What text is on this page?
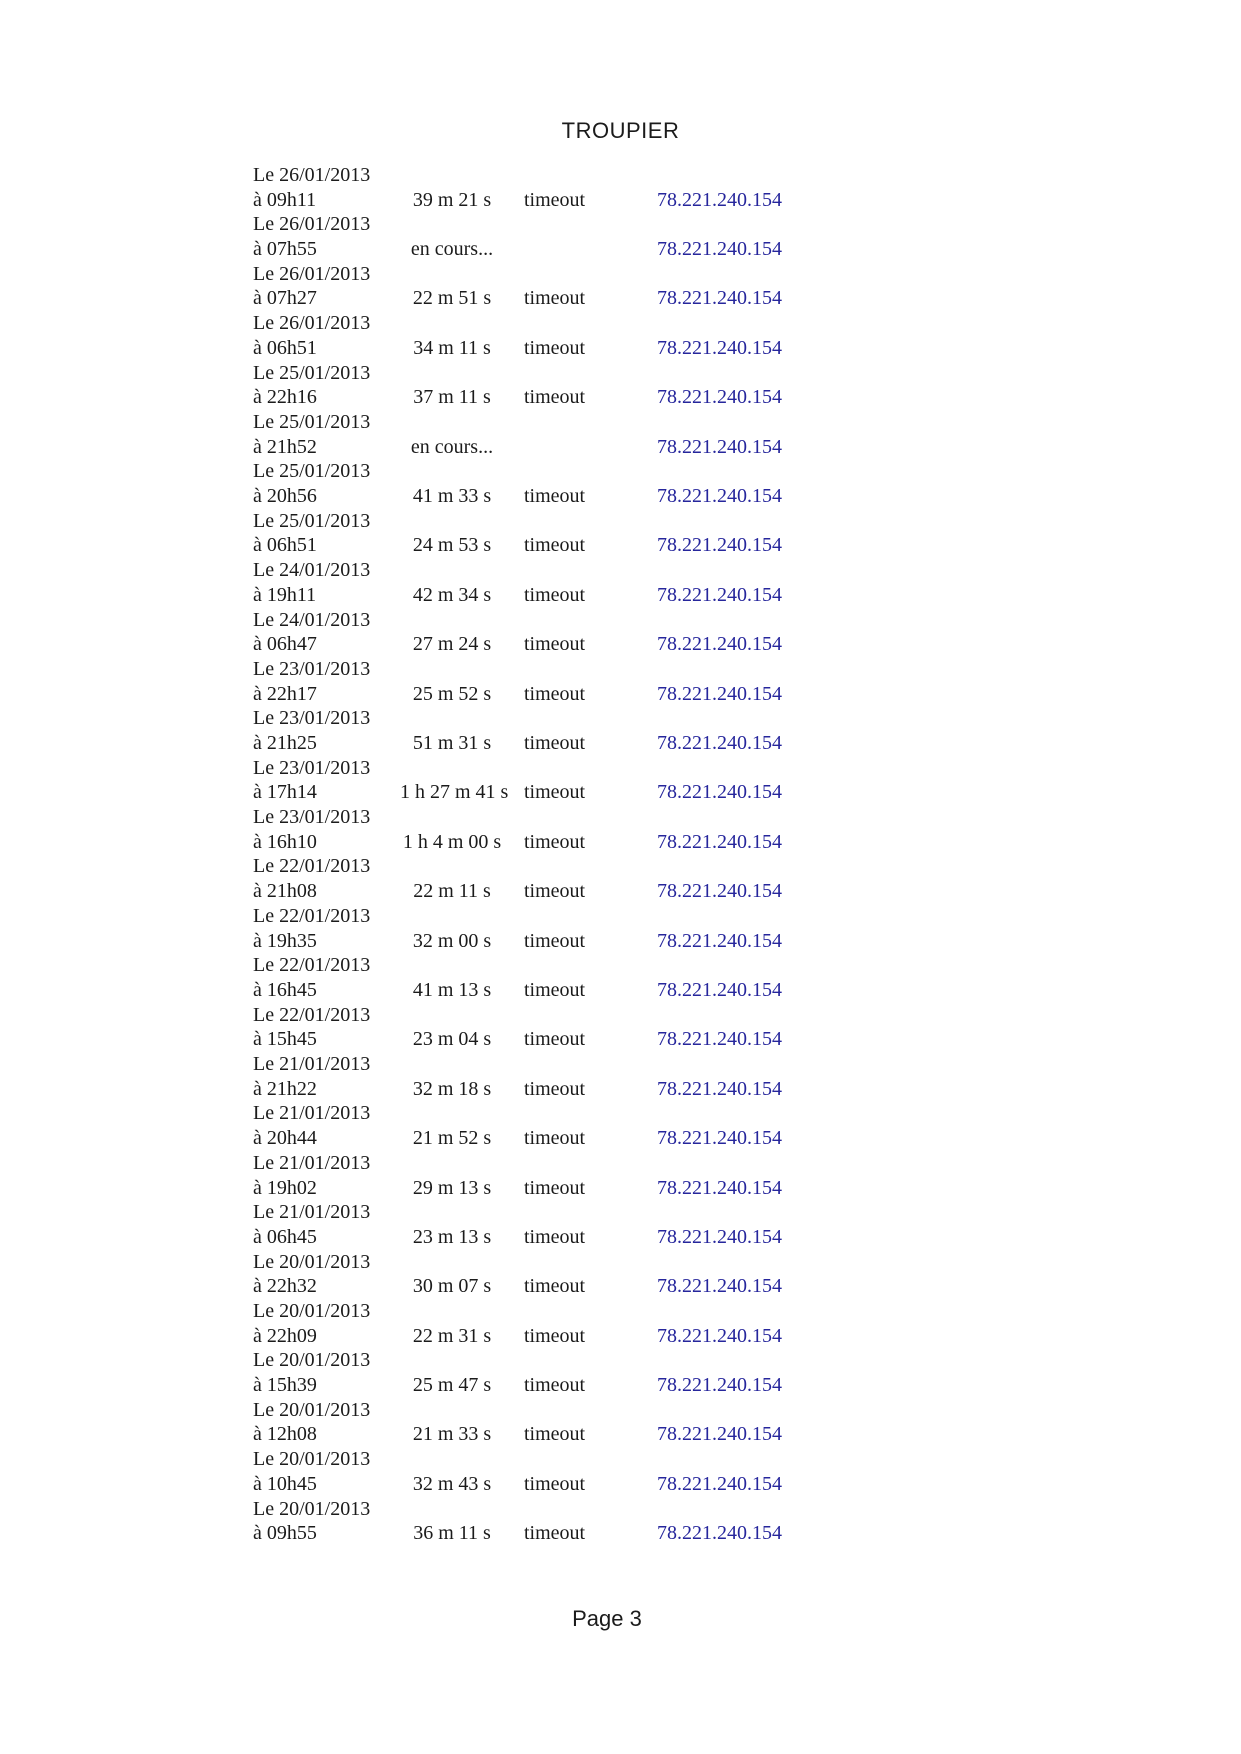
TROUPIER
Le 26/01/2013
à 09h11	39 m 21 s	timeout	78.221.240.154
Le 26/01/2013
à 07h55	en cours...	78.221.240.154
Le 26/01/2013
à 07h27	22 m 51 s	timeout	78.221.240.154
Le 26/01/2013
à 06h51	34 m 11 s	timeout	78.221.240.154
Le 25/01/2013
à 22h16	37 m 11 s	timeout	78.221.240.154
Le 25/01/2013
à 21h52	en cours...	78.221.240.154
Le 25/01/2013
à 20h56	41 m 33 s	timeout	78.221.240.154
Le 25/01/2013
à 06h51	24 m 53 s	timeout	78.221.240.154
Le 24/01/2013
à 19h11	42 m 34 s	timeout	78.221.240.154
Le 24/01/2013
à 06h47	27 m 24 s	timeout	78.221.240.154
Le 23/01/2013
à 22h17	25 m 52 s	timeout	78.221.240.154
Le 23/01/2013
à 21h25	51 m 31 s	timeout	78.221.240.154
Le 23/01/2013
à 17h14	1 h 27 m 41 s timeout	78.221.240.154
Le 23/01/2013
à 16h10	1 h 4 m 00 s	timeout	78.221.240.154
Le 22/01/2013
à 21h08	22 m 11 s	timeout	78.221.240.154
Le 22/01/2013
à 19h35	32 m 00 s	timeout	78.221.240.154
Le 22/01/2013
à 16h45	41 m 13 s	timeout	78.221.240.154
Le 22/01/2013
à 15h45	23 m 04 s	timeout	78.221.240.154
Le 21/01/2013
à 21h22	32 m 18 s	timeout	78.221.240.154
Le 21/01/2013
à 20h44	21 m 52 s	timeout	78.221.240.154
Le 21/01/2013
à 19h02	29 m 13 s	timeout	78.221.240.154
Le 21/01/2013
à 06h45	23 m 13 s	timeout	78.221.240.154
Le 20/01/2013
à 22h32	30 m 07 s	timeout	78.221.240.154
Le 20/01/2013
à 22h09	22 m 31 s	timeout	78.221.240.154
Le 20/01/2013
à 15h39	25 m 47 s	timeout	78.221.240.154
Le 20/01/2013
à 12h08	21 m 33 s	timeout	78.221.240.154
Le 20/01/2013
à 10h45	32 m 43 s	timeout	78.221.240.154
Le 20/01/2013
à 09h55	36 m 11 s	timeout	78.221.240.154
Page 3
